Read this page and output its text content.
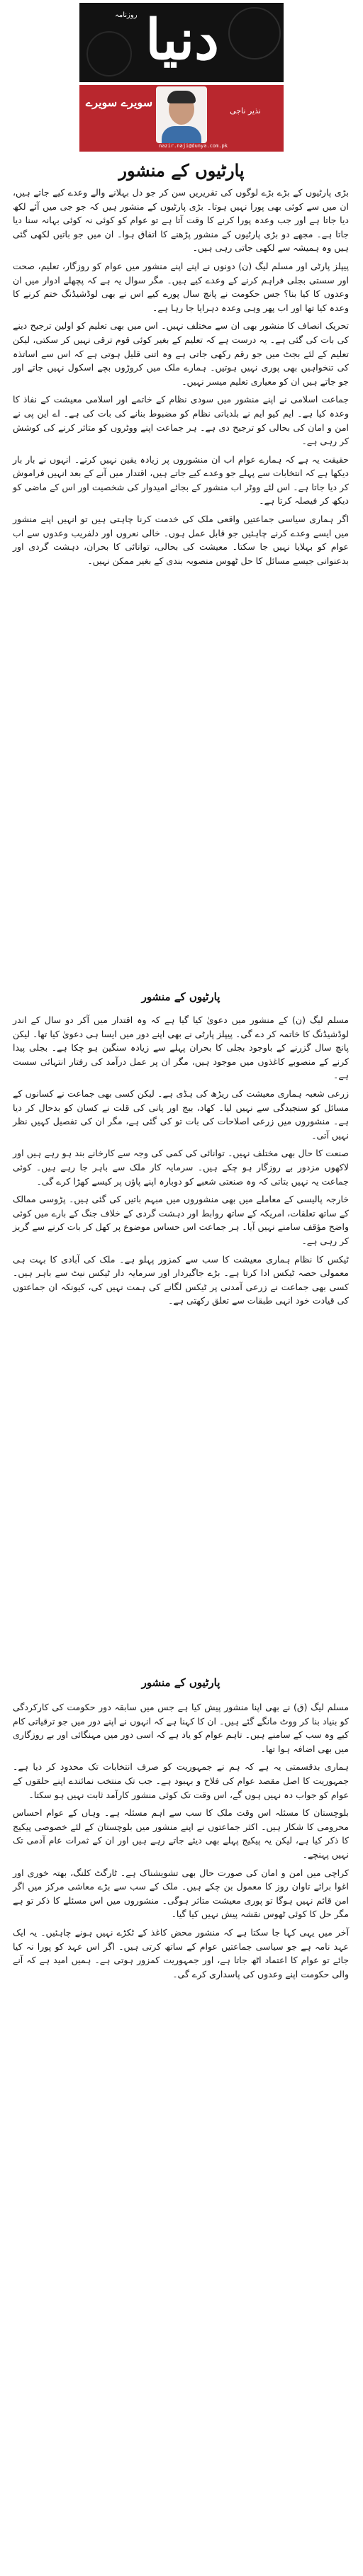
روزنامہ دنیا
سویرے سویرے
نذیر ناجی
nazir.naji@dunya.com.pk
پارٹیوں کے منشور

بڑی پارٹیوں کے بڑے بڑے لوگوں کی تقریریں سن کر جو دل بہلانے والے وعدے کیے جاتے ہیں، ان میں سے کوئی بھی پورا نہیں ہوتا۔ بڑی پارٹیوں کے منشور ہیں کہ جو جی میں آئے لکھ دیا جاتا ہے اور جب وعدہ پورا کرنے کا وقت آتا ہے تو عوام کو کوئی نہ کوئی بہانہ سنا دیا جاتا ہے۔ مجھے دو بڑی پارٹیوں کے منشور پڑھنے کا اتفاق ہوا۔ ان میں جو باتیں لکھی گئی ہیں وہ ہمیشہ سے لکھی جاتی رہی ہیں۔

پیپلز پارٹی اور مسلم لیگ (ن) دونوں نے اپنے اپنے منشور میں عوام کو روزگار، تعلیم، صحت اور سستی بجلی فراہم کرنے کے وعدے کیے ہیں۔ مگر سوال یہ ہے کہ پچھلے ادوار میں ان وعدوں کا کیا بنا؟ جس حکومت نے پانچ سال پورے کیے اس نے بھی لوڈشیڈنگ ختم کرنے کا وعدہ کیا تھا اور اب پھر وہی وعدہ دہرایا جا رہا ہے۔

تحریک انصاف کا منشور بھی ان سے مختلف نہیں۔ اس میں بھی تعلیم کو اولین ترجیح دینے کی بات کی گئی ہے۔ یہ درست ہے کہ تعلیم کے بغیر کوئی قوم ترقی نہیں کر سکتی، لیکن تعلیم کے لئے بجٹ میں جو رقم رکھی جاتی ہے وہ اتنی قلیل ہوتی ہے کہ اس سے اساتذہ کی تنخواہیں بھی پوری نہیں ہوتیں۔ ہمارے ملک میں کروڑوں بچے اسکول نہیں جاتے اور جو جاتے ہیں ان کو معیاری تعلیم میسر نہیں۔

جماعت اسلامی نے اپنے منشور میں سودی نظام کے خاتمے اور اسلامی معیشت کے نفاذ کا وعدہ کیا ہے۔ ایم کیو ایم نے بلدیاتی نظام کو مضبوط بنانے کی بات کی ہے۔ اے این پی نے امن و امان کی بحالی کو ترجیح دی ہے۔ ہر جماعت اپنے ووٹروں کو متاثر کرنے کی کوشش کر رہی ہے۔

حقیقت یہ ہے کہ ہمارے عوام اب ان منشوروں پر زیادہ یقین نہیں کرتے۔ انہوں نے بار بار دیکھا ہے کہ انتخابات سے پہلے جو وعدے کیے جاتے ہیں، اقتدار میں آنے کے بعد انہیں فراموش کر دیا جاتا ہے۔ اس لئے ووٹر اب منشور کے بجائے امیدوار کی شخصیت اور اس کے ماضی کو دیکھ کر فیصلہ کرتا ہے۔

اگر ہماری سیاسی جماعتیں واقعی ملک کی خدمت کرنا چاہتی ہیں تو انہیں اپنے منشور میں ایسے وعدے کرنے چاہئیں جو قابل عمل ہوں۔ خالی نعروں اور دلفریب وعدوں سے اب عوام کو بہلایا نہیں جا سکتا۔ معیشت کی بحالی، توانائی کا بحران، دہشت گردی اور بدعنوانی جیسے مسائل کا حل ٹھوس منصوبہ بندی کے بغیر ممکن نہیں۔

پارٹیوں کے منشور

مسلم لیگ (ن) کے منشور میں دعویٰ کیا گیا ہے کہ وہ اقتدار میں آکر دو سال کے اندر لوڈشیڈنگ کا خاتمہ کر دے گی۔ پیپلز پارٹی نے بھی اپنے دور میں ایسا ہی دعویٰ کیا تھا۔ لیکن پانچ سال گزرنے کے باوجود بجلی کا بحران پہلے سے زیادہ سنگین ہو چکا ہے۔ بجلی پیدا کرنے کے منصوبے کاغذوں میں موجود ہیں، مگر ان پر عمل درآمد کی رفتار انتہائی سست ہے۔

زرعی شعبہ ہماری معیشت کی ریڑھ کی ہڈی ہے۔ لیکن کسی بھی جماعت نے کسانوں کے مسائل کو سنجیدگی سے نہیں لیا۔ کھاد، بیج اور پانی کی قلت نے کسان کو بدحال کر دیا ہے۔ منشوروں میں زرعی اصلاحات کی بات تو کی گئی ہے، مگر ان کی تفصیل کہیں نظر نہیں آتی۔

صنعت کا حال بھی مختلف نہیں۔ توانائی کی کمی کی وجہ سے کارخانے بند ہو رہے ہیں اور لاکھوں مزدور بے روزگار ہو چکے ہیں۔ سرمایہ کار ملک سے باہر جا رہے ہیں۔ کوئی جماعت یہ نہیں بتاتی کہ وہ صنعتی شعبے کو دوبارہ اپنے پاؤں پر کیسے کھڑا کرے گی۔

خارجہ پالیسی کے معاملے میں بھی منشوروں میں مبہم باتیں کی گئی ہیں۔ پڑوسی ممالک کے ساتھ تعلقات، امریکہ کے ساتھ روابط اور دہشت گردی کے خلاف جنگ کے بارے میں کوئی واضح مؤقف سامنے نہیں آیا۔ ہر جماعت اس حساس موضوع پر کھل کر بات کرنے سے گریز کر رہی ہے۔

ٹیکس کا نظام ہماری معیشت کا سب سے کمزور پہلو ہے۔ ملک کی آبادی کا بہت ہی معمولی حصہ ٹیکس ادا کرتا ہے۔ بڑے جاگیردار اور سرمایہ دار ٹیکس نیٹ سے باہر ہیں۔ کسی بھی جماعت نے زرعی آمدنی پر ٹیکس لگانے کی ہمت نہیں کی، کیونکہ ان جماعتوں کی قیادت خود انہی طبقات سے تعلق رکھتی ہے۔

پارٹیوں کے منشور

مسلم لیگ (ق) نے بھی اپنا منشور پیش کیا ہے جس میں سابقہ دور حکومت کی کارکردگی کو بنیاد بنا کر ووٹ مانگے گئے ہیں۔ ان کا کہنا ہے کہ انہوں نے اپنے دور میں جو ترقیاتی کام کیے وہ سب کے سامنے ہیں۔ تاہم عوام کو یاد ہے کہ اسی دور میں مہنگائی اور بے روزگاری میں بھی اضافہ ہوا تھا۔

ہماری بدقسمتی یہ ہے کہ ہم نے جمہوریت کو صرف انتخابات تک محدود کر دیا ہے۔ جمہوریت کا اصل مقصد عوام کی فلاح و بہبود ہے۔ جب تک منتخب نمائندے اپنے حلقوں کے عوام کو جواب دہ نہیں ہوں گے، اس وقت تک کوئی منشور کارآمد ثابت نہیں ہو سکتا۔

بلوچستان کا مسئلہ اس وقت ملک کا سب سے اہم مسئلہ ہے۔ وہاں کے عوام احساس محرومی کا شکار ہیں۔ اکثر جماعتوں نے اپنے منشور میں بلوچستان کے لئے خصوصی پیکیج کا ذکر کیا ہے، لیکن یہ پیکیج پہلے بھی دیئے جاتے رہے ہیں اور ان کے ثمرات عام آدمی تک نہیں پہنچے۔

کراچی میں امن و امان کی صورت حال بھی تشویشناک ہے۔ ٹارگٹ کلنگ، بھتہ خوری اور اغوا برائے تاوان روز کا معمول بن چکے ہیں۔ ملک کے سب سے بڑے معاشی مرکز میں اگر امن قائم نہیں ہوگا تو پوری معیشت متاثر ہوگی۔ منشوروں میں اس مسئلے کا ذکر تو ہے مگر حل کا کوئی ٹھوس نقشہ پیش نہیں کیا گیا۔

آخر میں یہی کہا جا سکتا ہے کہ منشور محض کاغذ کے ٹکڑے نہیں ہونے چاہئیں۔ یہ ایک عہد نامہ ہے جو سیاسی جماعتیں عوام کے ساتھ کرتی ہیں۔ اگر اس عہد کو پورا نہ کیا جائے تو عوام کا اعتماد اٹھ جاتا ہے، اور جمہوریت کمزور ہوتی ہے۔ ہمیں امید ہے کہ آنے والی حکومت اپنے وعدوں کی پاسداری کرے گی۔
